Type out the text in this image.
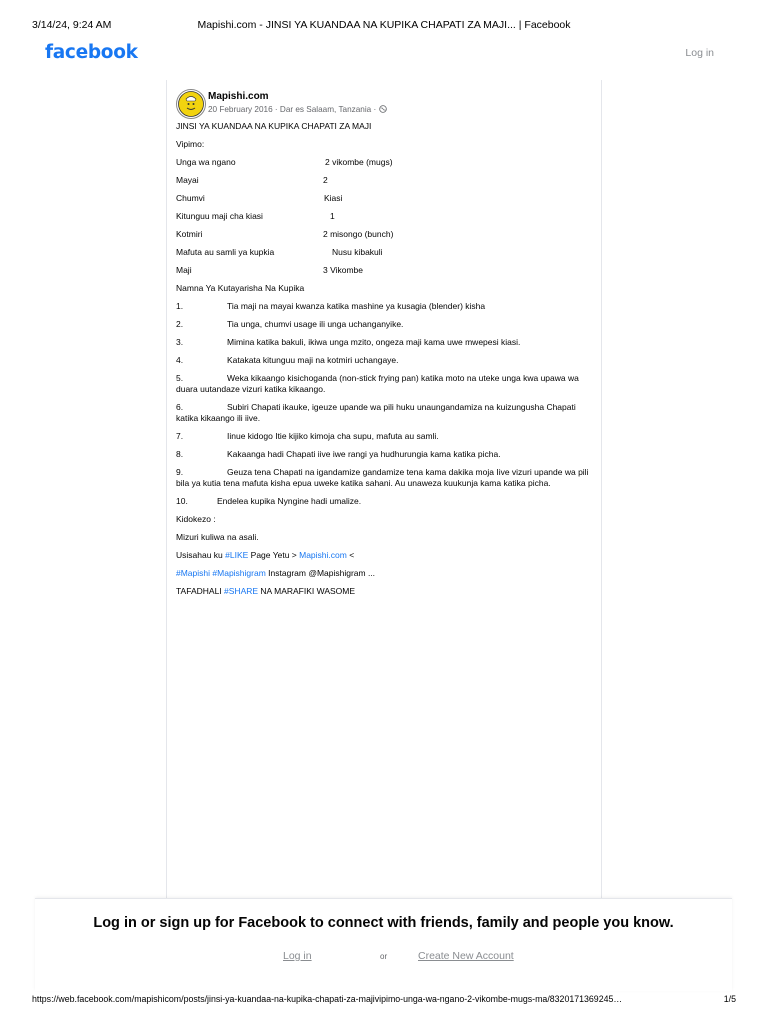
3/14/24, 9:24 AM	Mapishi.com - JINSI YA KUANDAA NA KUPIKA CHAPATI ZA MAJI... | Facebook
facebook	Log in
Mapishi.com
20 February 2016 · Dar es Salaam, Tanzania ·
JINSI YA KUANDAA NA KUPIKA CHAPATI ZA MAJI
Vipimo:
Unga wa ngano	2 vikombe (mugs)
Mayai	2
Chumvi	Kiasi
Kitunguu maji cha kiasi	1
Kotmiri	2 misongo (bunch)
Mafuta au samli ya kupkia	Nusu kibakuli
Maji	3 Vikombe
Namna Ya Kutayarisha Na Kupika
1.	Tia maji na mayai kwanza katika mashine ya kusagia (blender) kisha
2.	Tia unga, chumvi usage ili unga uchanganyike.
3.	Mimina katika bakuli, ikiwa unga mzito, ongeza maji kama uwe mwepesi kiasi.
4.	Katakata kitunguu maji na kotmiri uchangaye.
5.	Weka kikaango kisichoganda (non-stick frying pan) katika moto na uteke unga kwa upawa wa duara uutandaze vizuri katika kikaango.
6.	Subiri Chapati ikauke, igeuze upande wa pili huku unaungandamiza na kuizungusha Chapati katika kikaango ili iive.
7.	Iinue kidogo Itie kijiko kimoja cha supu, mafuta au samli.
8.	Kakaanga hadi Chapati iive iwe rangi ya hudhurungia kama katika picha.
9.	Geuza tena Chapati na igandamize gandamize tena kama dakika moja Iive vizuri upande wa pili bila ya kutia tena mafuta kisha epua uweke katika sahani. Au unaweza kuukunja kama katika picha.
10.	Endelea kupika Nyngine hadi umalize.
Kidokezo :
Mizuri kuliwa na asali.
Usisahau ku #LIKE Page Yetu > Mapishi.com <
#Mapishi #Mapishigram Instagram @Mapishigram ...
TAFADHALI #SHARE NA MARAFIKI WASOME
Log in or sign up for Facebook to connect with friends, family and people you know.
Log in	or	Create New Account
https://web.facebook.com/mapishicom/posts/jinsi-ya-kuandaa-na-kupika-chapati-za-majivipimo-unga-wa-ngano-2-vikombe-mugs-ma/8320171369245…	1/5
